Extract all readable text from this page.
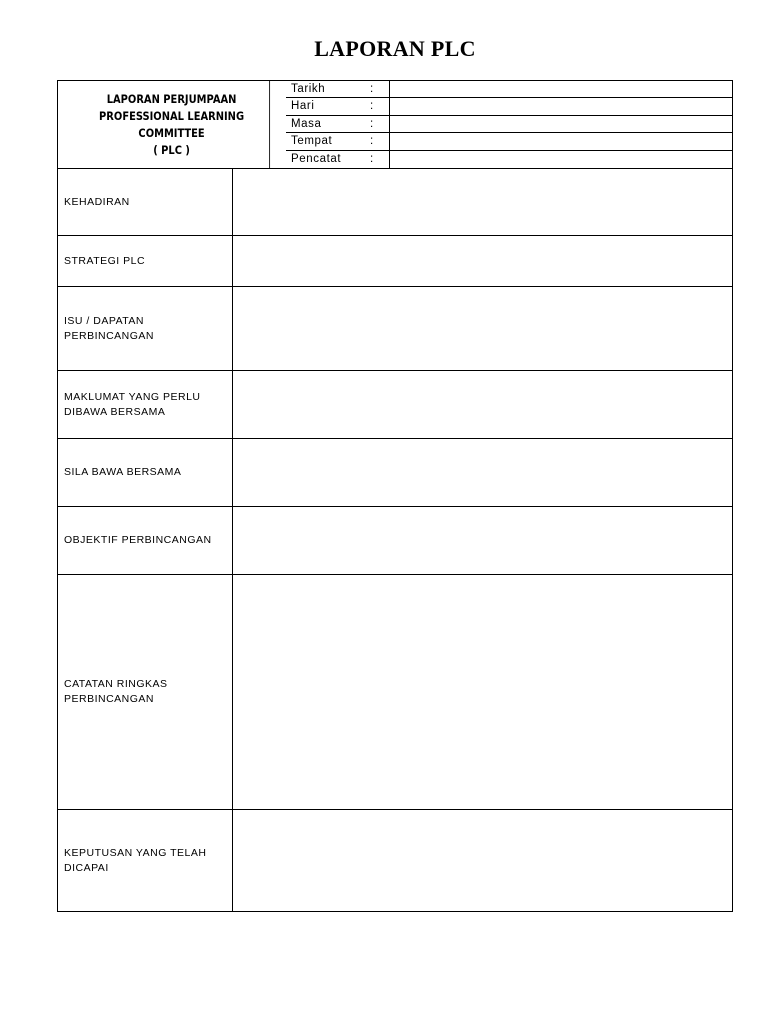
LAPORAN PLC
LAPORAN PERJUMPAAN
PROFESSIONAL LEARNING COMMITTEE
( PLC )
Tarikh	:
Hari	:
Masa	:
Tempat	:
Pencatat	:
KEHADIRAN
STRATEGI PLC
ISU / DAPATAN PERBINCANGAN
MAKLUMAT YANG PERLU DIBAWA BERSAMA
SILA BAWA BERSAMA
OBJEKTIF PERBINCANGAN
CATATAN RINGKAS PERBINCANGAN
KEPUTUSAN YANG TELAH DICAPAI
